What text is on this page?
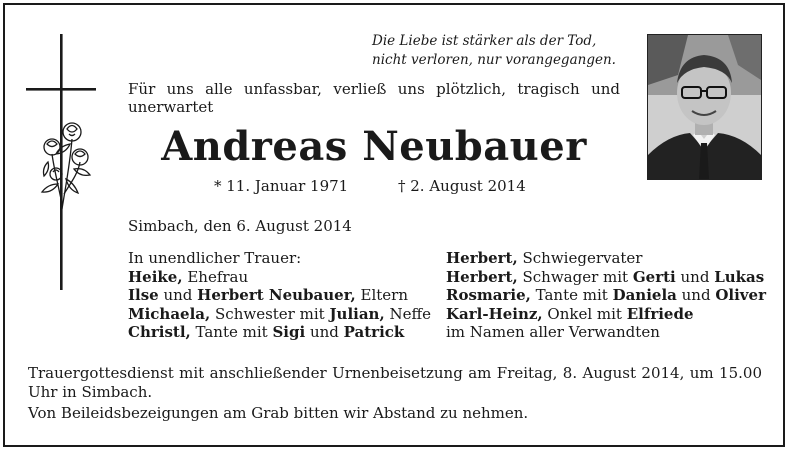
Die Liebe ist stärker als der Tod,
nicht verloren, nur vorangegangen.
Für uns alle unfassbar, verließ uns plötzlich, tragisch und unerwartet
Andreas Neubauer
* 11. Januar 1971	† 2. August 2014
Simbach, den 6. August 2014
In unendlicher Trauer:
Heike, Ehefrau
Ilse und Herbert Neubauer, Eltern
Michaela, Schwester mit Julian, Neffe
Christl, Tante mit Sigi und Patrick
Herbert, Schwiegervater
Herbert, Schwager mit Gerti und Lukas
Rosmarie, Tante mit Daniela und Oliver
Karl-Heinz, Onkel mit Elfriede
im Namen aller Verwandten
Trauergottesdienst mit anschließender Urnenbeisetzung am Freitag, 8. August 2014, um 15.00 Uhr in Simbach.
Von Beileidsbezeigungen am Grab bitten wir Abstand zu nehmen.
